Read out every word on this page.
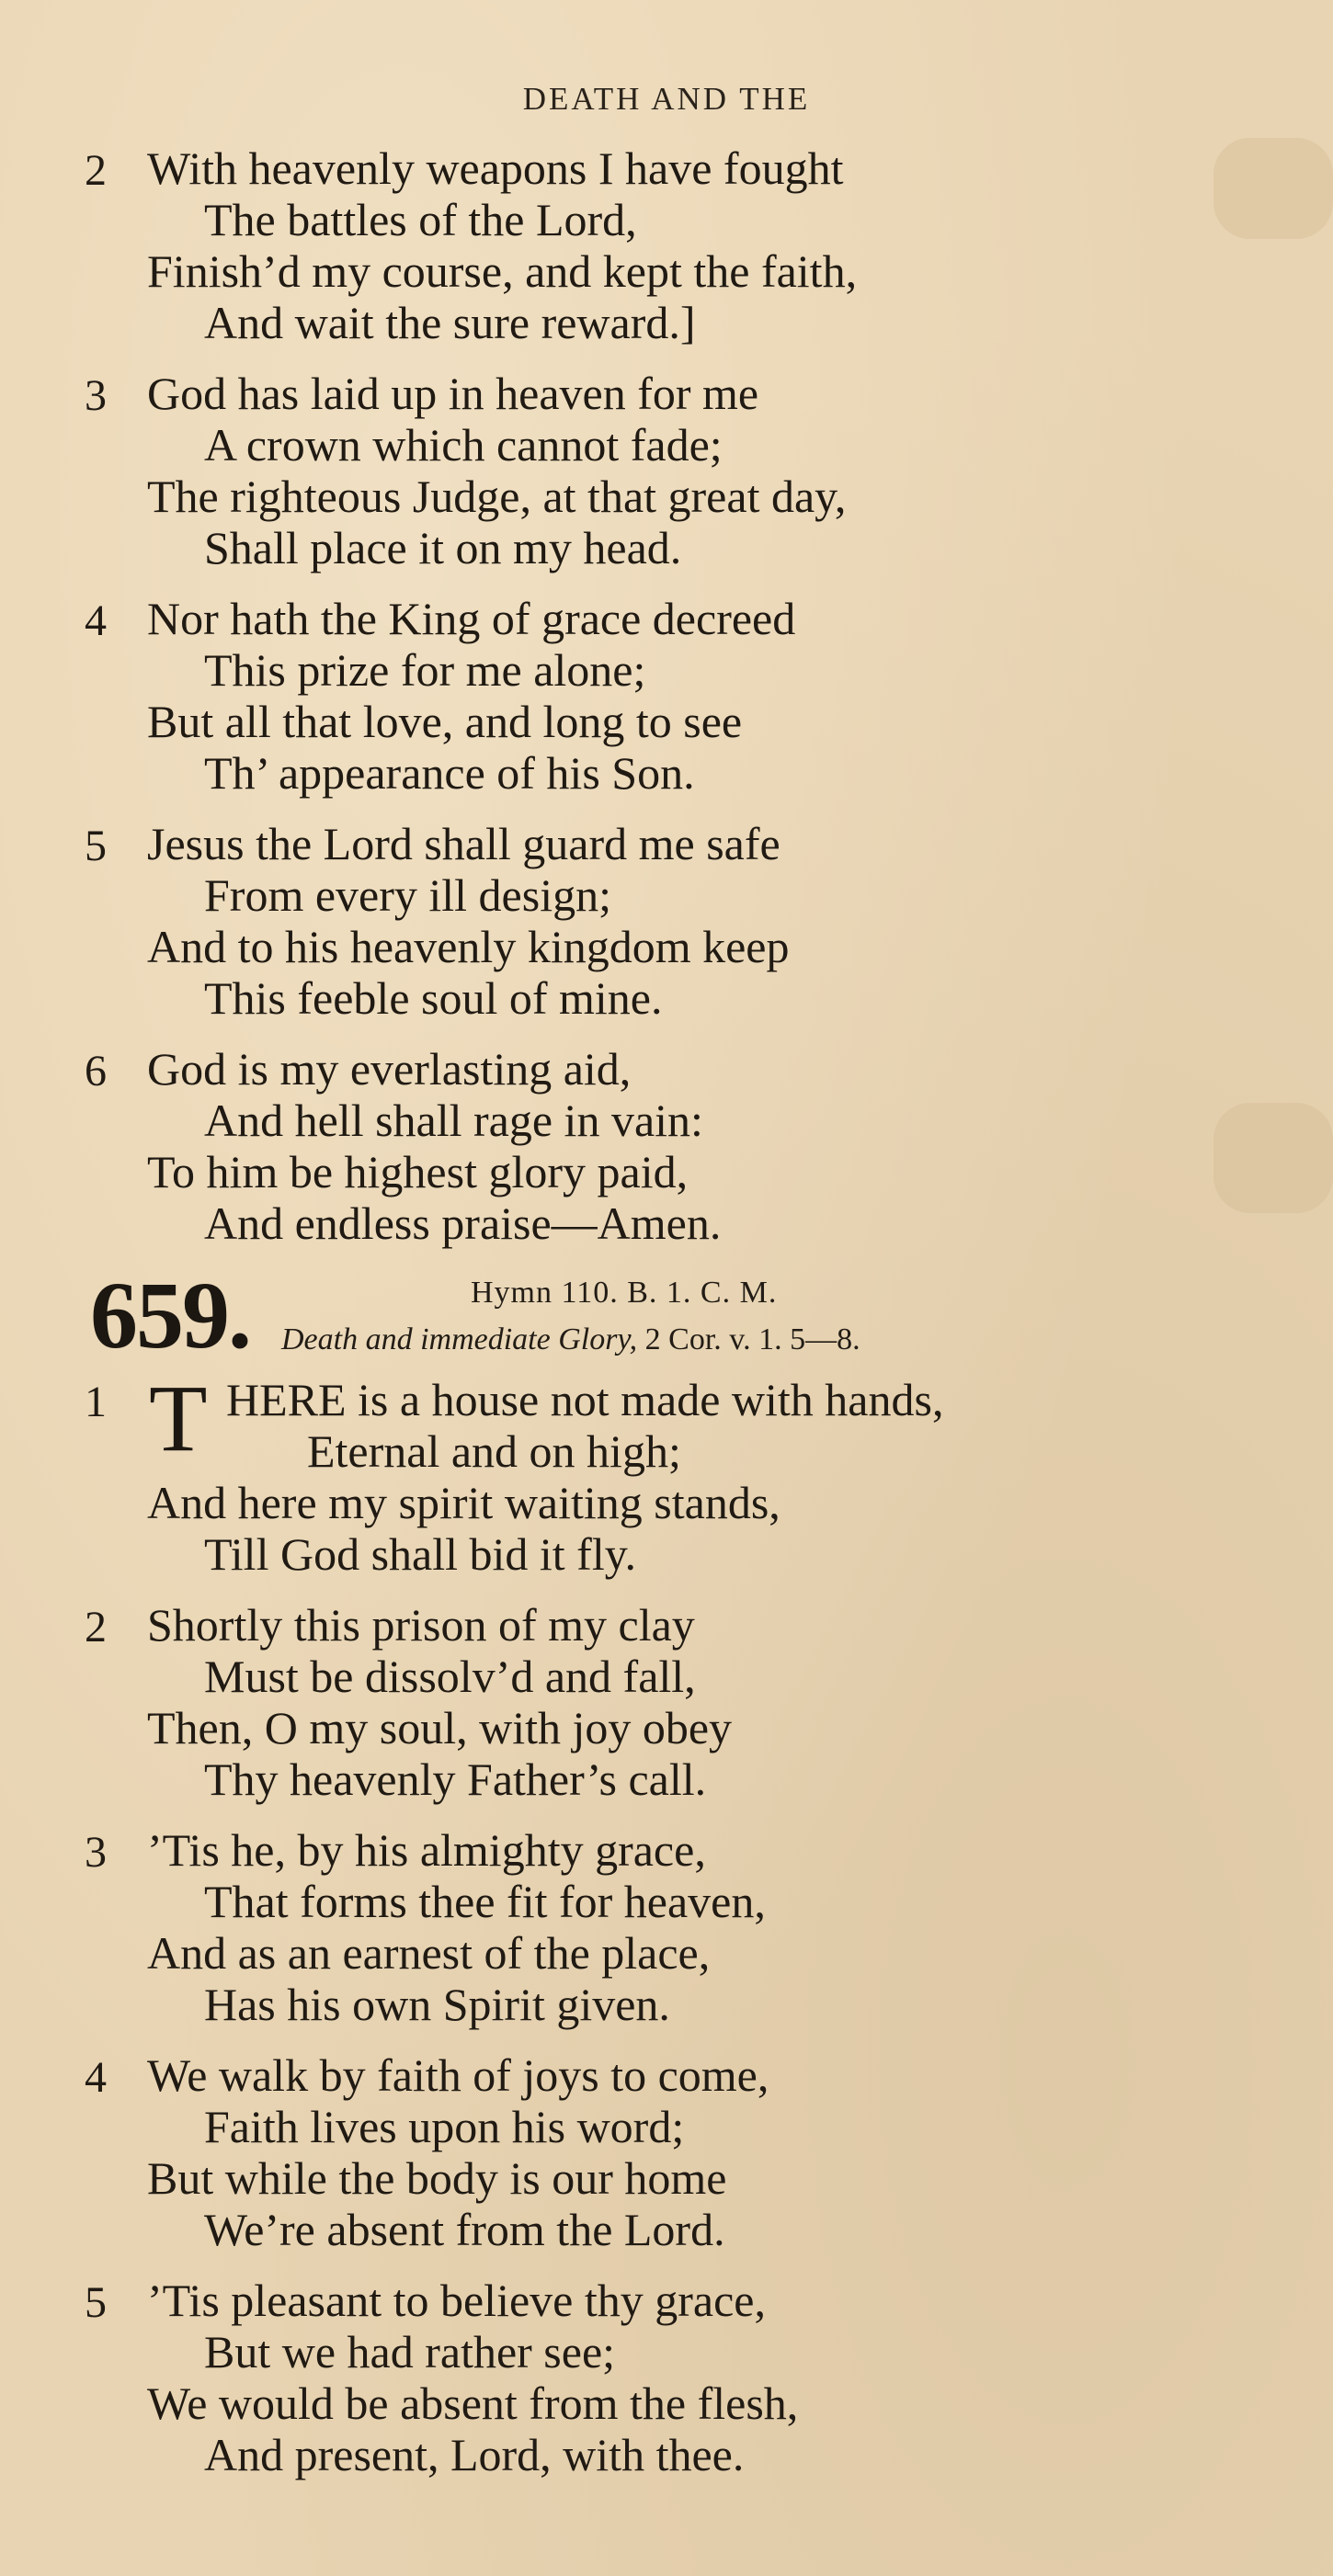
DEATH AND THE
2 With heavenly weapons I have fought
The battles of the Lord,
Finish’d my course, and kept the faith,
And wait the sure reward.]
3 God has laid up in heaven for me
A crown which cannot fade;
The righteous Judge, at that great day,
Shall place it on my head.
4 Nor hath the King of grace decreed
This prize for me alone;
But all that love, and long to see
Th’ appearance of his Son.
5 Jesus the Lord shall guard me safe
From every ill design;
And to his heavenly kingdom keep
This feeble soul of mine.
6 God is my everlasting aid,
And hell shall rage in vain:
To him be highest glory paid,
And endless praise—Amen.
659.	Hymn 110. B. 1. C. M.
Death and immediate Glory, 2 Cor. v. 1. 5—8.
1 T HERE is a house not made with hands,
Eternal and on high;
And here my spirit waiting stands,
Till God shall bid it fly.
2 Shortly this prison of my clay
Must be dissolv’d and fall,
Then, O my soul, with joy obey
Thy heavenly Father’s call.
3 ’Tis he, by his almighty grace,
That forms thee fit for heaven,
And as an earnest of the place,
Has his own Spirit given.
4 We walk by faith of joys to come,
Faith lives upon his word;
But while the body is our home
We’re absent from the Lord.
5 ’Tis pleasant to believe thy grace,
But we had rather see;
We would be absent from the flesh,
And present, Lord, with thee.
